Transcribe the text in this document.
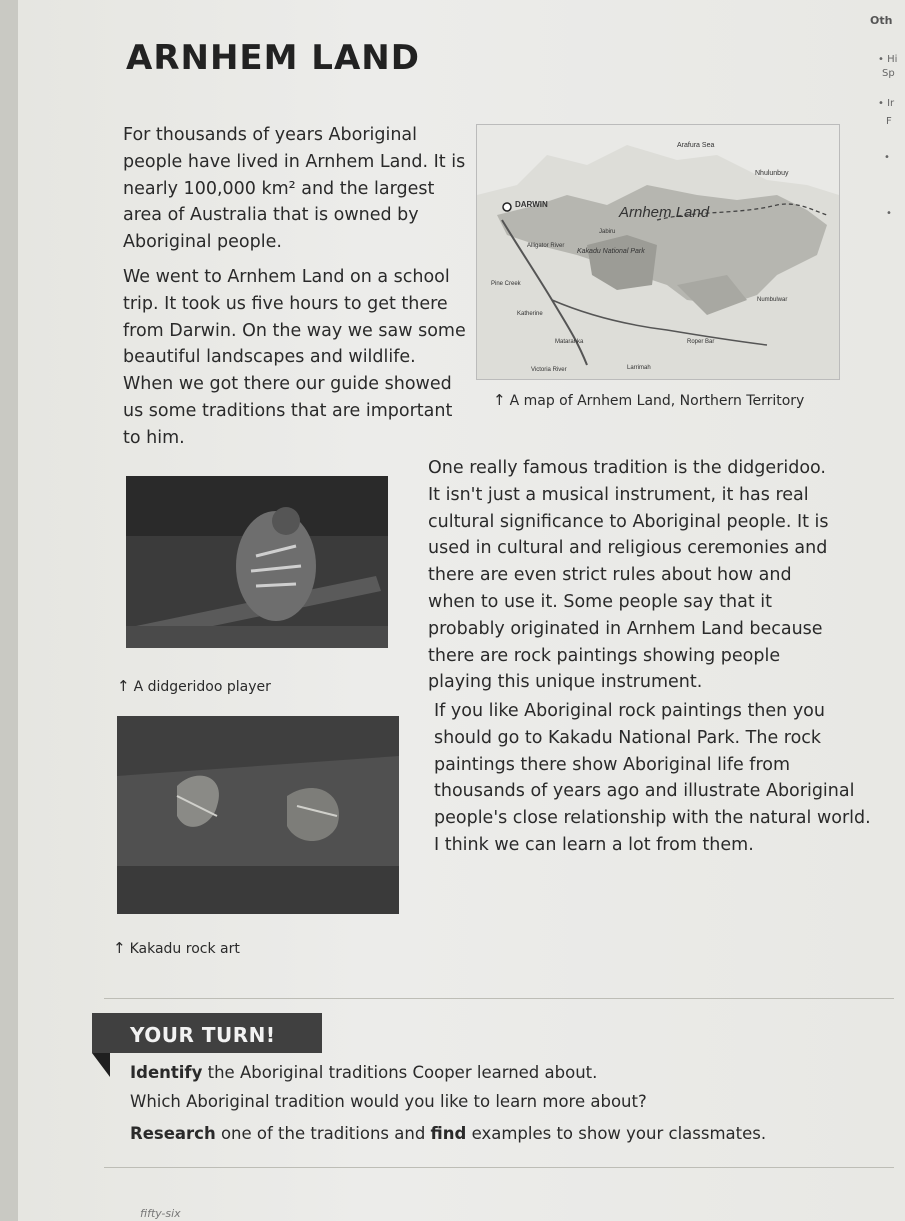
Oth
• Hi
Sp
• Ir
F
•
•
ARNHEM LAND

For thousands of years Aboriginal people have lived in Arnhem Land. It is nearly 100,000 km² and the largest area of Australia that is owned by Aboriginal people.

We went to Arnhem Land on a school trip. It took us five hours to get there from Darwin. On the way we saw some beautiful landscapes and wildlife. When we got there our guide showed us some traditions that are important to him.

Arafura Sea
Nhulunbuy
Arnhem Land
DARWIN
Jabiru
Kakadu National Park
Alligator River
Pine Creek
Katherine
Mataranka	Roper Bar
Numbulwar
Larrimah
Victoria River
↑ A map of Arnhem Land, Northern Territory
↑ A didgeridoo player
One really famous tradition is the didgeridoo. It isn't just a musical instrument, it has real cultural significance to Aboriginal people. It is used in cultural and religious ceremonies and there are even strict rules about how and when to use it. Some people say that it probably originated in Arnhem Land because there are rock paintings showing people playing this unique instrument.
↑ Kakadu rock art
If you like Aboriginal rock paintings then you should go to Kakadu National Park. The rock paintings there show Aboriginal life from thousands of years ago and illustrate Aboriginal people's close relationship with the natural world. I think we can learn a lot from them.
YOUR TURN!
Identify the Aboriginal traditions Cooper learned about.
Which Aboriginal tradition would you like to learn more about?
Research one of the traditions and find examples to show your classmates.
fifty-six
